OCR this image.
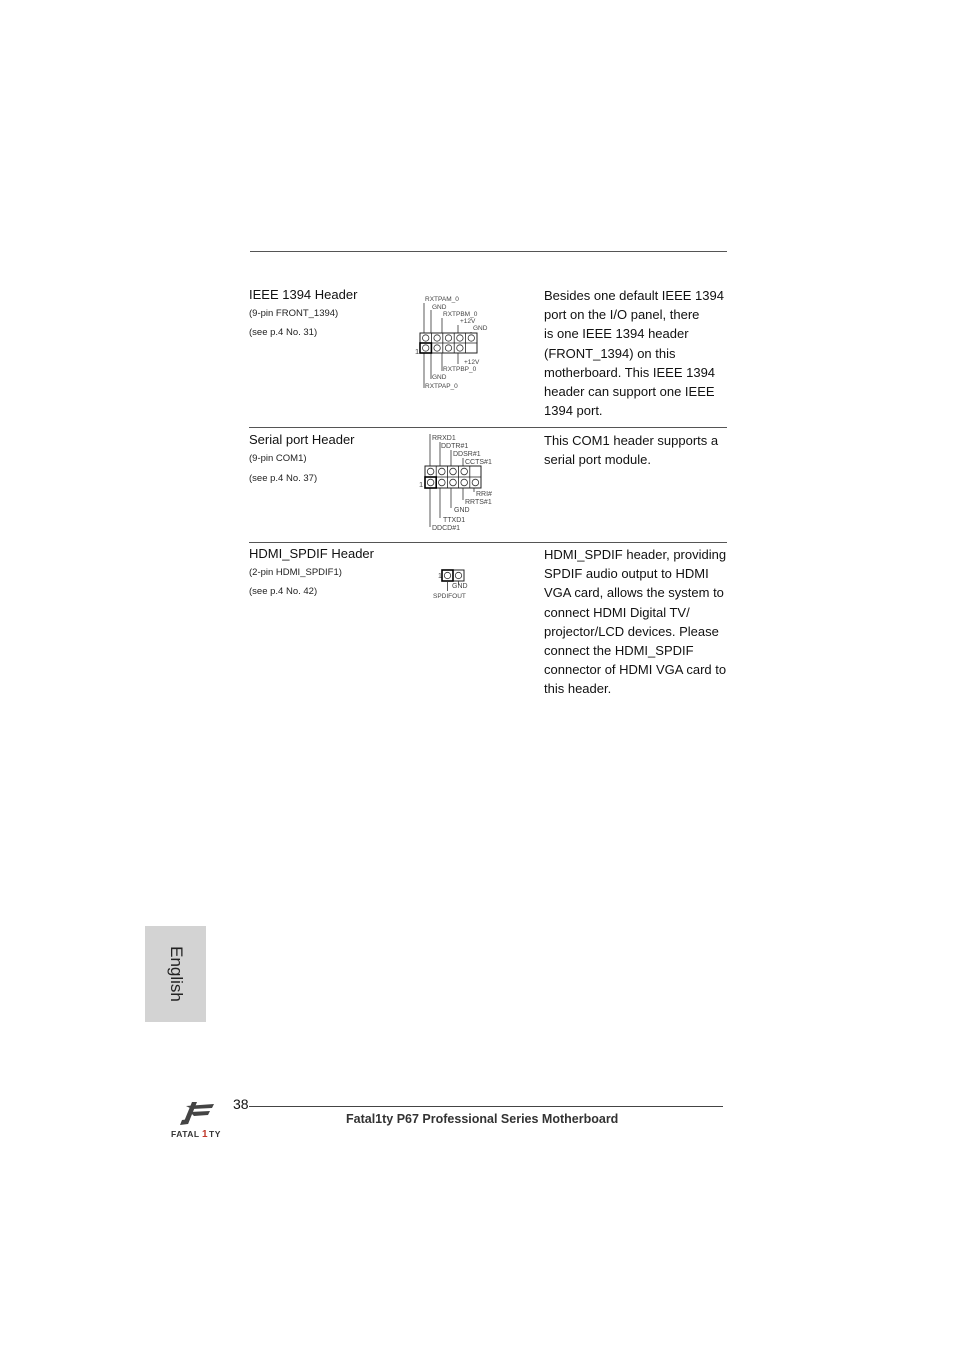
IEEE 1394 Header
(9-pin FRONT_1394)
(see p.4 No. 31)
RXTPAM_0
GND
RXTPBM_0
+12V
GND
+12V
RXTPBP_0
GND
RXTPAP_0
1
Besides one default IEEE 1394
port on the I/O panel, there
is one IEEE 1394 header
(FRONT_1394) on this
motherboard. This IEEE 1394
header can support one IEEE
1394 port.
Serial port Header
(9-pin COM1)
(see p.4 No. 37)
RRXD1
DDTR#1
DDSR#1
CCTS#1
RRI#
RRTS#1
GND
TTXD1
DDCD#1
1
This COM1 header supports a
serial port module.
HDMI_SPDIF Header
(2-pin HDMI_SPDIF1)
(see p.4 No. 42)
1
GND
SPDIFOUT
HDMI_SPDIF header, providing
SPDIF audio output to HDMI
VGA card, allows the system to
connect HDMI Digital TV/
projector/LCD devices. Please
connect the HDMI_SPDIF
connector of HDMI VGA card to
this header.
English
FATAL 1 TY
38
Fatal1ty P67 Professional Series Motherboard
